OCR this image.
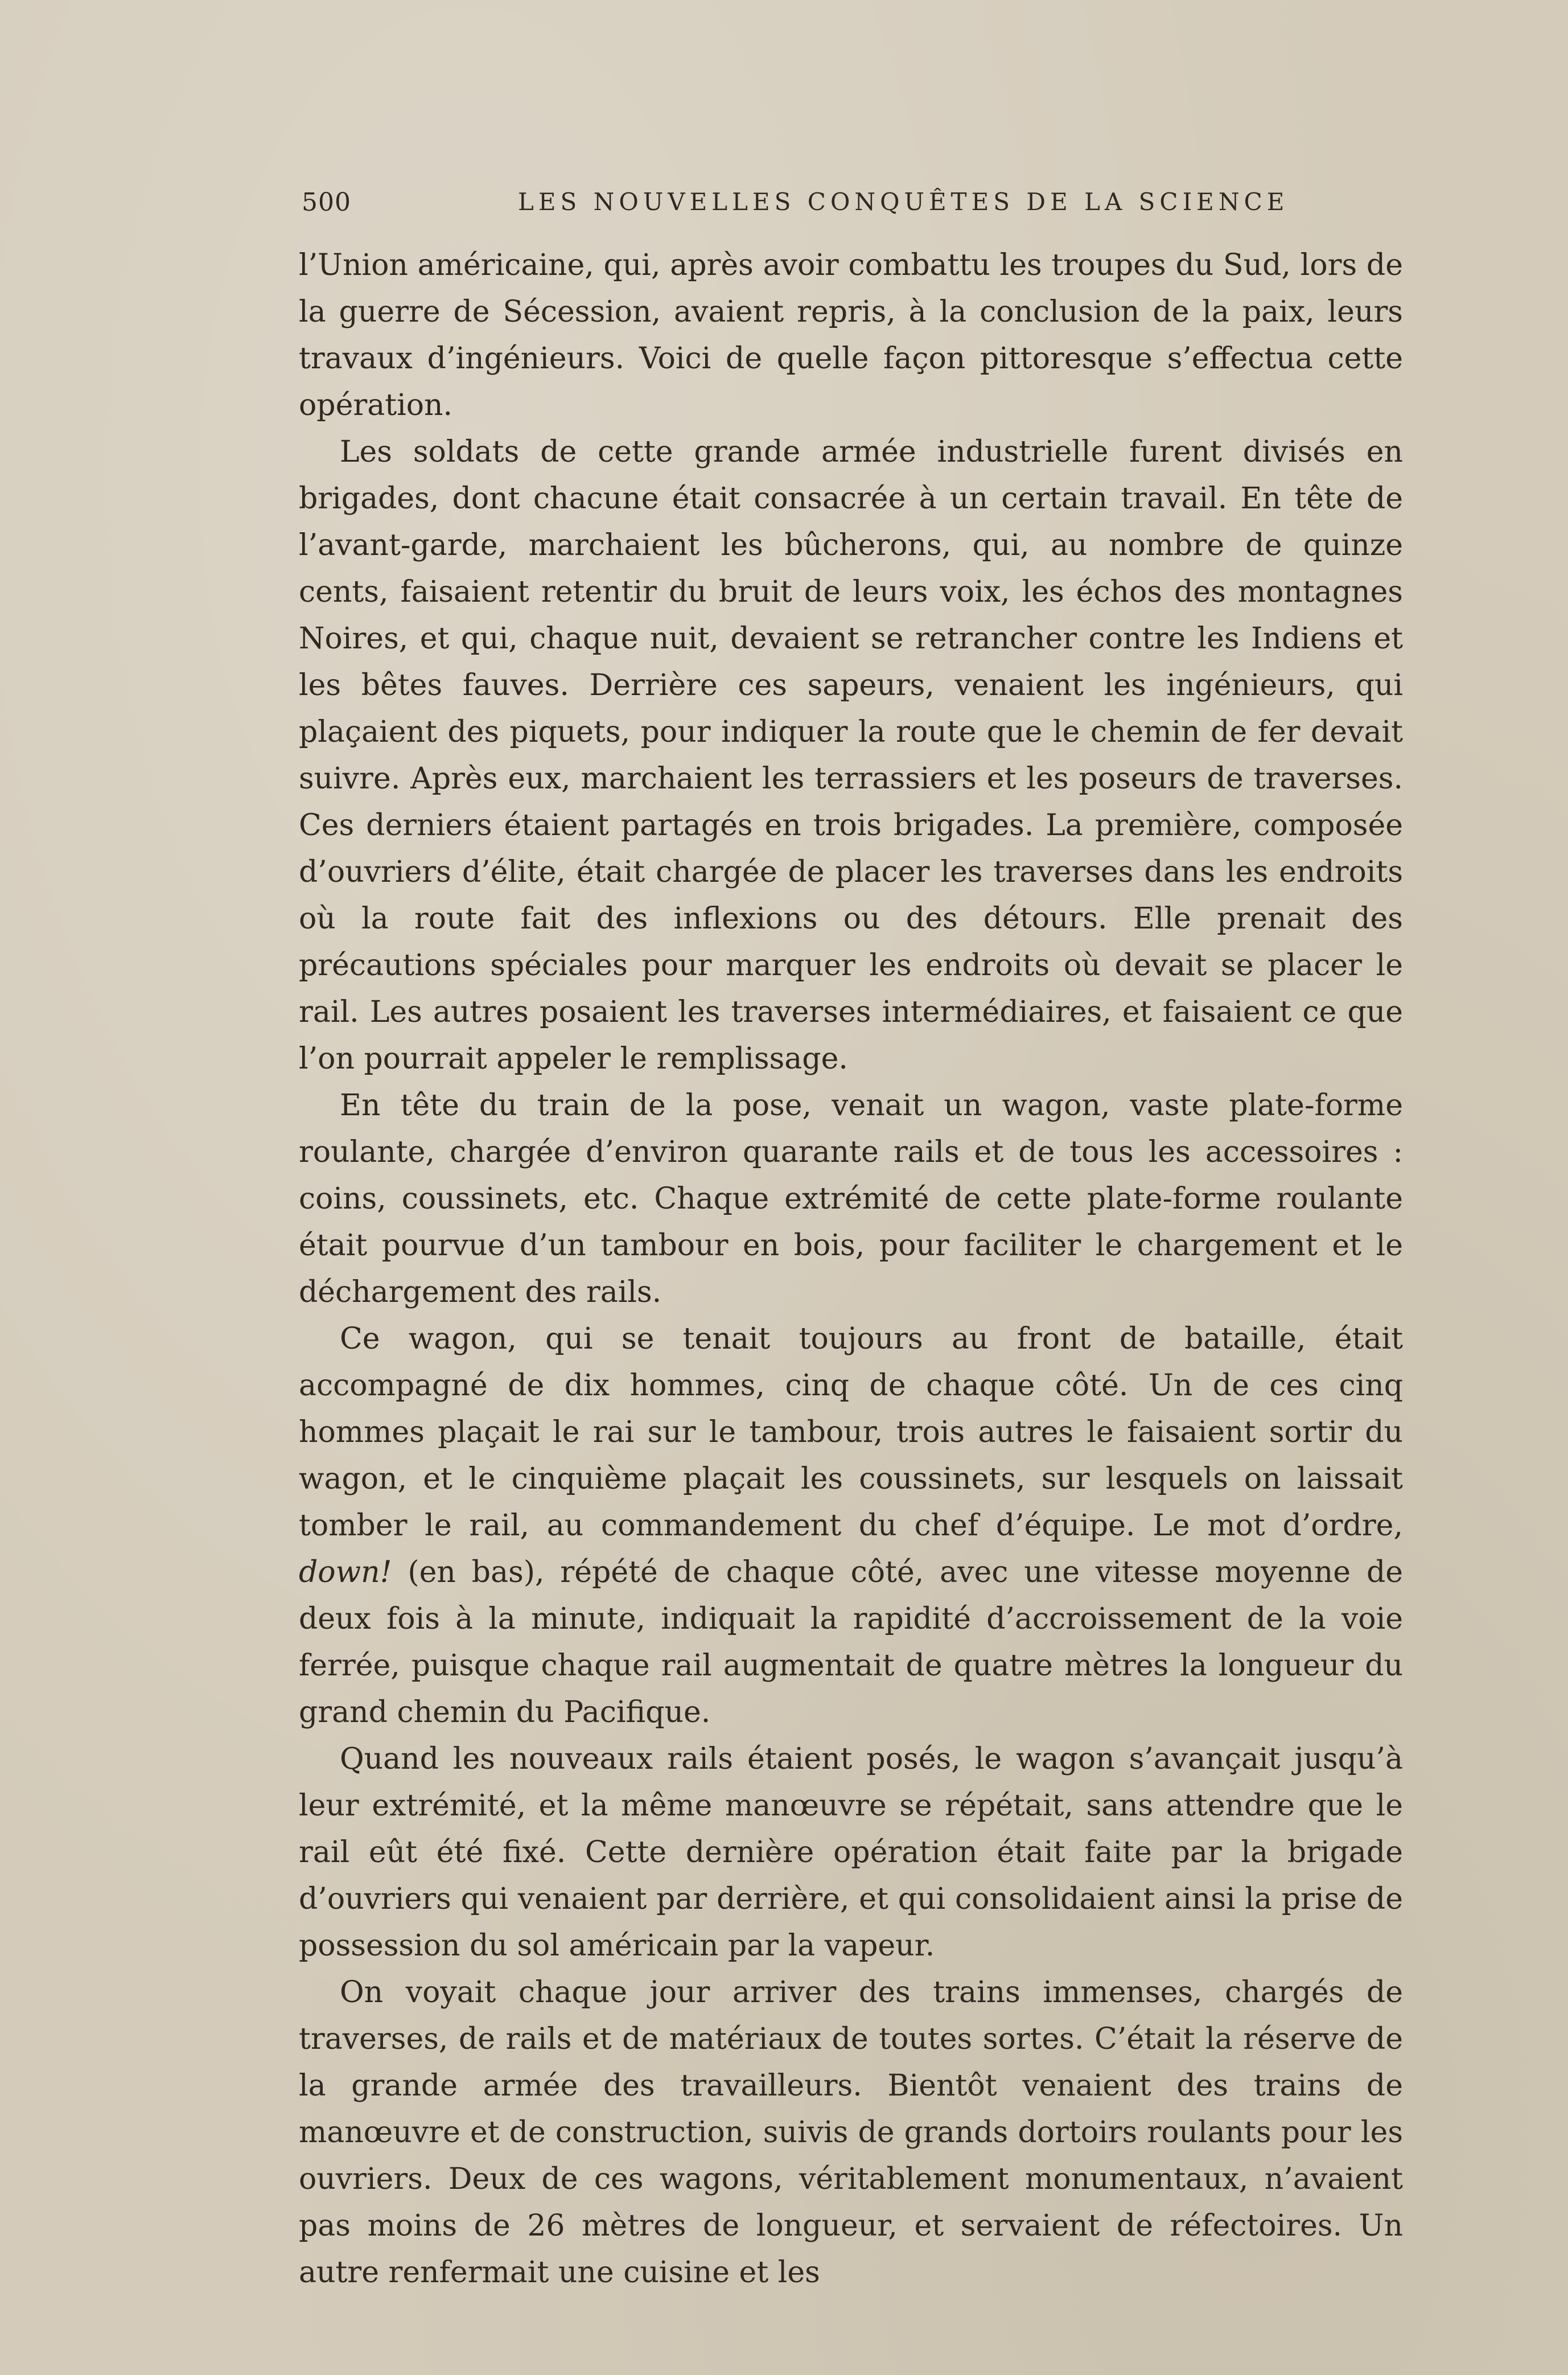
500	LES NOUVELLES CONQUÊTES DE LA SCIENCE

l’Union américaine, qui, après avoir combattu les troupes du Sud, lors de la guerre de Sécession, avaient repris, à la conclusion de la paix, leurs travaux d’ingénieurs. Voici de quelle façon pittoresque s’effectua cette opération.

Les soldats de cette grande armée industrielle furent divisés en brigades, dont chacune était consacrée à un certain travail. En tête de l’avant-garde, marchaient les bûcherons, qui, au nombre de quinze cents, faisaient retentir du bruit de leurs voix, les échos des montagnes Noires, et qui, chaque nuit, devaient se retrancher contre les Indiens et les bêtes fauves. Derrière ces sapeurs, venaient les ingénieurs, qui plaçaient des piquets, pour indiquer la route que le chemin de fer devait suivre. Après eux, marchaient les terrassiers et les poseurs de traverses. Ces derniers étaient partagés en trois brigades. La première, composée d’ouvriers d’élite, était chargée de placer les traverses dans les endroits où la route fait des inflexions ou des détours. Elle prenait des précautions spéciales pour marquer les endroits où devait se placer le rail. Les autres posaient les traverses intermédiaires, et faisaient ce que l’on pourrait appeler le remplissage.

En tête du train de la pose, venait un wagon, vaste plate-forme roulante, chargée d’environ quarante rails et de tous les accessoires : coins, coussinets, etc. Chaque extrémité de cette plate-forme roulante était pourvue d’un tambour en bois, pour faciliter le chargement et le déchargement des rails.

Ce wagon, qui se tenait toujours au front de bataille, était accompagné de dix hommes, cinq de chaque côté. Un de ces cinq hommes plaçait le rai sur le tambour, trois autres le faisaient sortir du wagon, et le cinquième plaçait les coussinets, sur lesquels on laissait tomber le rail, au commandement du chef d’équipe. Le mot d’ordre, down! (en bas), répété de chaque côté, avec une vitesse moyenne de deux fois à la minute, indiquait la rapidité d’accroissement de la voie ferrée, puisque chaque rail augmentait de quatre mètres la longueur du grand chemin du Pacifique.

Quand les nouveaux rails étaient posés, le wagon s’avançait jusqu’à leur extrémité, et la même manœuvre se répétait, sans attendre que le rail eût été fixé. Cette dernière opération était faite par la brigade d’ouvriers qui venaient par derrière, et qui consolidaient ainsi la prise de possession du sol américain par la vapeur.

On voyait chaque jour arriver des trains immenses, chargés de traverses, de rails et de matériaux de toutes sortes. C’était la réserve de la grande armée des travailleurs. Bientôt venaient des trains de manœuvre et de construction, suivis de grands dortoirs roulants pour les ouvriers. Deux de ces wagons, véritablement monumentaux, n’avaient pas moins de 26 mètres de longueur, et servaient de réfectoires. Un autre renfermait une cuisine et les
